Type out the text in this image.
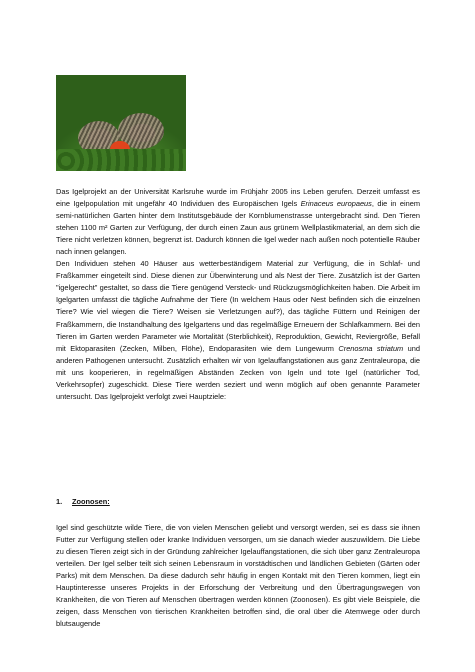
Das Igelprojekt an der Universität Karlsruhe wurde im Frühjahr 2005 ins Leben gerufen. Derzeit umfasst es eine Igelpopulation mit ungefähr 40 Individuen des Europäischen Igels Erinaceus europaeus, die in einem semi-natürlichen Garten hinter dem Institutsgebäude der Kornblumenstrasse untergebracht sind. Den Tieren stehen 1100 m² Garten zur Verfügung, der durch einen Zaun aus grünem Wellplastikmaterial, an dem sich die Tiere nicht verletzen können, begrenzt ist. Dadurch können die Igel weder nach außen noch potentielle Räuber nach innen gelangen.

Den Individuen stehen 40 Häuser aus wetterbeständigem Material zur Verfügung, die in Schlaf- und Fraßkammer eingeteilt sind. Diese dienen zur Überwinterung und als Nest der Tiere. Zusätzlich ist der Garten "igelgerecht" gestaltet, so dass die Tiere genügend Versteck- und Rückzugsmöglichkeiten haben. Die Arbeit im Igelgarten umfasst die tägliche Aufnahme der Tiere (In welchem Haus oder Nest befinden sich die einzelnen Tiere? Wie viel wiegen die Tiere? Weisen sie Verletzungen auf?), das tägliche Füttern und Reinigen der Fraßkammern, die Instandhaltung des Igelgartens und das regelmäßige Erneuern der Schlafkammern. Bei den Tieren im Garten werden Parameter wie Mortalität (Sterblichkeit), Reproduktion, Gewicht, Reviergröße, Befall mit Ektoparasiten (Zecken, Milben, Flöhe), Endoparasiten wie dem Lungewurm Crenosma striatum und anderen Pathogenen untersucht. Zusätzlich erhalten wir von Igelauffangstationen aus ganz Zentraleuropa, die mit uns kooperieren, in regelmäßigen Abständen Zecken von Igeln und tote Igel (natürlicher Tod, Verkehrsopfer) zugeschickt. Diese Tiere werden seziert und wenn möglich auf oben genannte Parameter untersucht. Das Igelprojekt verfolgt zwei Hauptziele:

1. Zoonosen:

Igel sind geschützte wilde Tiere, die von vielen Menschen geliebt und versorgt werden, sei es dass sie ihnen Futter zur Verfügung stellen oder kranke Individuen versorgen, um sie danach wieder auszuwildern. Die Liebe zu diesen Tieren zeigt sich in der Gründung zahlreicher Igelauffangstationen, die sich über ganz Zentraleuropa verteilen. Der Igel selber teilt sich seinen Lebensraum in vorstädtischen und ländlichen Gebieten (Gärten oder Parks) mit dem Menschen. Da diese dadurch sehr häufig in engen Kontakt mit den Tieren kommen, liegt ein Hauptinteresse unseres Projekts in der Erforschung der Verbreitung und den Übertragungswegen von Krankheiten, die von Tieren auf Menschen übertragen werden können (Zoonosen). Es gibt viele Beispiele, die zeigen, dass Menschen von tierischen Krankheiten betroffen sind, die oral über die Atemwege oder durch blutsaugende
